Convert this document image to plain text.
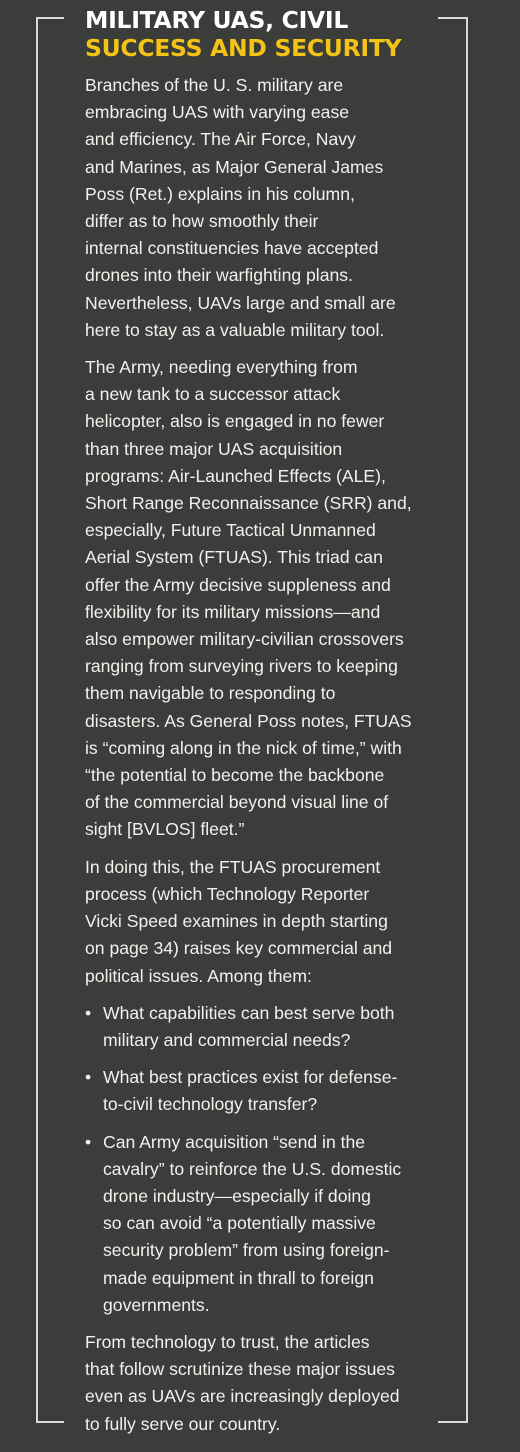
MILITARY UAS, CIVIL
SUCCESS AND SECURITY

Branches of the U. S. military are
embracing UAS with varying ease
and efficiency. The Air Force, Navy
and Marines, as Major General James
Poss (Ret.) explains in his column,
differ as to how smoothly their
internal constituencies have accepted
drones into their warfighting plans.
Nevertheless, UAVs large and small are
here to stay as a valuable military tool.

The Army, needing everything from
a new tank to a successor attack
helicopter, also is engaged in no fewer
than three major UAS acquisition
programs: Air-Launched Effects (ALE),
Short Range Reconnaissance (SRR) and,
especially, Future Tactical Unmanned
Aerial System (FTUAS). This triad can
offer the Army decisive suppleness and
flexibility for its military missions—and
also empower military-civilian crossovers
ranging from surveying rivers to keeping
them navigable to responding to
disasters. As General Poss notes, FTUAS
is “coming along in the nick of time,” with
“the potential to become the backbone
of the commercial beyond visual line of
sight [BVLOS] fleet.”

In doing this, the FTUAS procurement
process (which Technology Reporter
Vicki Speed examines in depth starting
on page 34) raises key commercial and
political issues. Among them:

• What capabilities can best serve both
military and commercial needs?
• What best practices exist for defense-
to-civil technology transfer?
• Can Army acquisition “send in the
cavalry” to reinforce the U.S. domestic
drone industry—especially if doing
so can avoid “a potentially massive
security problem” from using foreign-
made equipment in thrall to foreign
governments.

From technology to trust, the articles
that follow scrutinize these major issues
even as UAVs are increasingly deployed
to fully serve our country.
